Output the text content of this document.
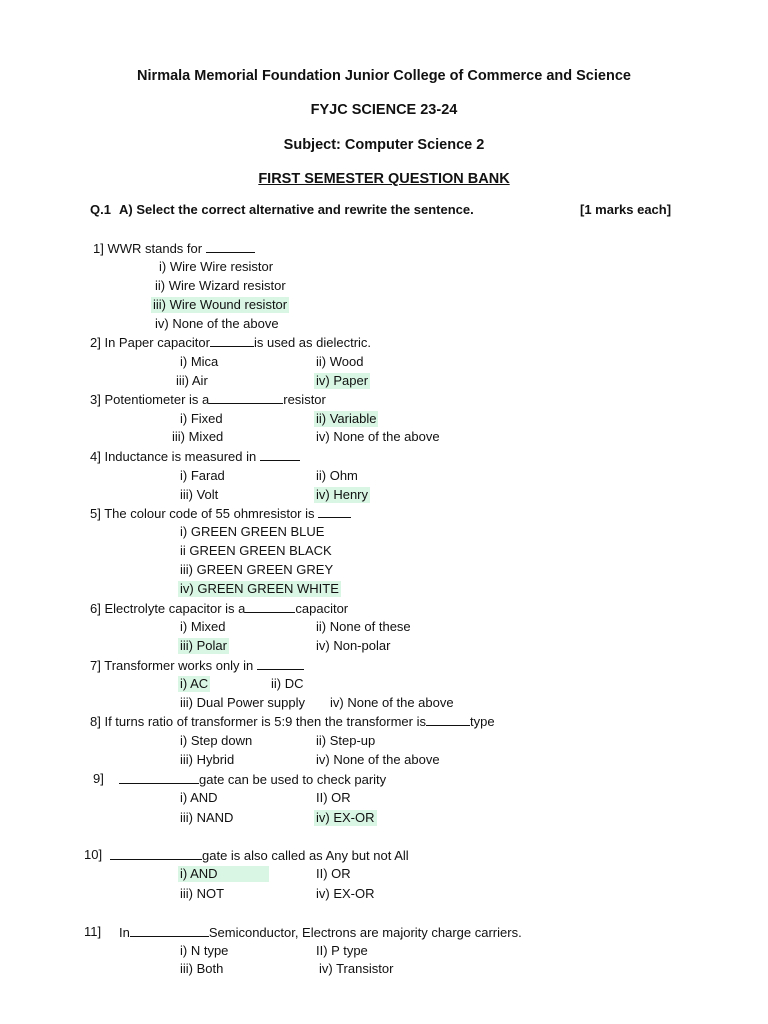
Nirmala Memorial Foundation Junior College of Commerce and Science
FYJC SCIENCE 23-24
Subject: Computer Science 2
FIRST SEMESTER QUESTION BANK
Q.1 A) Select the correct alternative and rewrite the sentence.	[1 marks each]
1] WWR stands for
i) Wire Wire resistor
ii) Wire Wizard resistor
iii) Wire Wound resistor
iv) None of the above
2] In Paper capacitor	is used as dielectric.
i) Mica	ii) Wood
iii) Air	iv) Paper
3] Potentiometer is a	resistor
i) Fixed	ii) Variable
iii) Mixed	iv) None of the above
4] Inductance is measured in
i) Farad	ii) Ohm
iii) Volt	iv) Henry
5] The colour code of 55 ohmresistor is
i) GREEN GREEN BLUE
ii GREEN GREEN BLACK
iii) GREEN GREEN GREY
iv) GREEN GREEN WHITE
6] Electrolyte capacitor is a	capacitor
i) Mixed	ii) None of these
iii) Polar	iv) Non-polar
7] Transformer works only in
i) AC	ii) DC
iii) Dual Power supply iv) None of the above
8] If turns ratio of transformer is 5:9 then the transformer is	type
i) Step down	ii) Step-up
iii) Hybrid	iv) None of the above
9]	gate can be used to check parity
i) AND	II) OR
iii) NAND	iv) EX-OR
10]	gate is also called as Any but not All
i) AND	II) OR
iii) NOT	iv) EX-OR
11] In	Semiconductor, Electrons are majority charge carriers.
i) N type	II) P type
iii) Both	iv) Transistor
